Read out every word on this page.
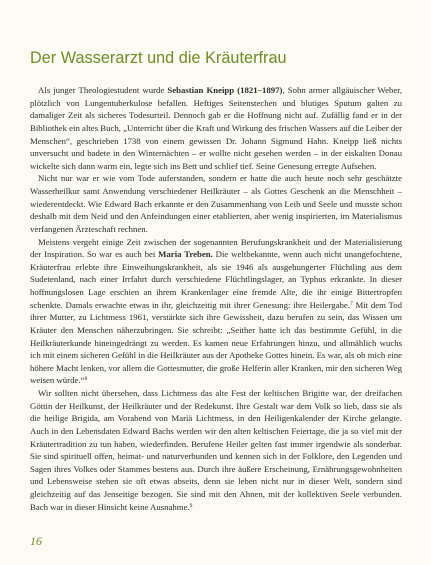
Der Wasserarzt und die Kräuterfrau

Als junger Theologiestudent wurde Sebastian Kneipp (1821–1897), Sohn armer allgäuischer Weber, plötzlich von Lungentuberkulose befallen. Heftiges Seitenstechen und blutiges Sputum galten zu damaliger Zeit als sicheres Todesurteil. Dennoch gab er die Hoffnung nicht auf. Zufällig fand er in der Bibliothek ein altes Buch, „Unterricht über die Kraft und Wirkung des frischen Wassers auf die Leiber der Menschen“, geschrieben 1738 von einem gewissen Dr. Johann Sigmund Hahn. Kneipp ließ nichts unversucht und badete in den Winternächten – er wollte nicht gesehen werden – in der eiskalten Donau wickelte sich dann warm ein, legte sich ins Bett und schlief tief. Seine Genesung erregte Aufsehen.

Nicht nur war er wie vom Tode auferstanden, sondern er hatte die auch heute noch sehr geschätzte Wasserheilkur samt Anwendung verschiedener Heilkräuter – als Gottes Geschenk an die Menschheit – wiederentdeckt. Wie Edward Bach erkannte er den Zusammenhang von Leib und Seele und musste schon deshalb mit dem Neid und den Anfeindungen einer etablierten, aber wenig inspirierten, im Materialismus verfangenen Ärzteschaft rechnen.

Meistens vergeht einige Zeit zwischen der sogenannten Berufungskrankheit und der Materialisierung der Inspiration. So war es auch bei Maria Treben. Die weltbekannte, wenn auch nicht unangefochtene, Kräuterfrau erlebte ihre Einweihungskrankheit, als sie 1946 als ausgehungerter Flüchtling aus dem Sudetenland, nach einer Irrfahrt durch verschiedene Flüchtlingslager, an Typhus erkrankte. In dieser hoffnungslosen Lage erschien an ihrem Krankenlager eine fremde Alte, die ihr einige Bittertropfen schenkte. Damals erwachte etwas in ihr, gleichzeitig mit ihrer Genesung: ihre Heilergabe.$^7$ Mit dem Tod ihrer Mutter, zu Lichtmess 1961, verstärkte sich ihre Gewissheit, dazu berufen zu sein, das Wissen um Kräuter den Menschen näherzubringen. Sie schreibt: „Seither hatte ich das bestimmte Gefühl, in die Heilkräuterkunde hineingedrängt zu werden. Es kamen neue Erfahrungen hinzu, und allmählich wuchs ich mit einem sicheren Gefühl in die Heilkräuter aus der Apotheke Gottes hinein. Es war, als ob mich eine höhere Macht lenken, vor allem die Gottesmutter, die große Helferin aller Kranken, mir den sicheren Weg weisen würde.“$^8$

Wir sollten nicht übersehen, dass Lichtmess das alte Fest der keltischen Brigitte war, der dreifachen Göttin der Heilkunst, der Heilkräuter und der Redekunst. Ihre Gestalt war dem Volk so lieb, dass sie als die heilige Brigida, am Vorabend von Mariä Lichtmess, in den Heiligenkalender der Kirche gelangte. Auch in den Lebensdaten Edward Bachs werden wir den alten keltischen Feiertage, die ja so viel mit der Kräutertradition zu tun haben, wiederfinden. Berufene Heiler gelten fast immer irgendwie als sonderbar. Sie sind spirituell offen, heimat- und naturverbunden und kennen sich in der Folklore, den Legenden und Sagen ihres Volkes oder Stammes bestens aus. Durch ihre äußere Erscheinung, Ernährungsgewohnheiten und Lebensweise stehen sie oft etwas abseits, denn sie leben nicht nur in dieser Welt, sondern sind gleichzeitig auf das Jenseitige bezogen. Sie sind mit den Ahnen, mit der kollektiven Seele verbunden. Bach war in dieser Hinsicht keine Ausnahme.$^9$

16
